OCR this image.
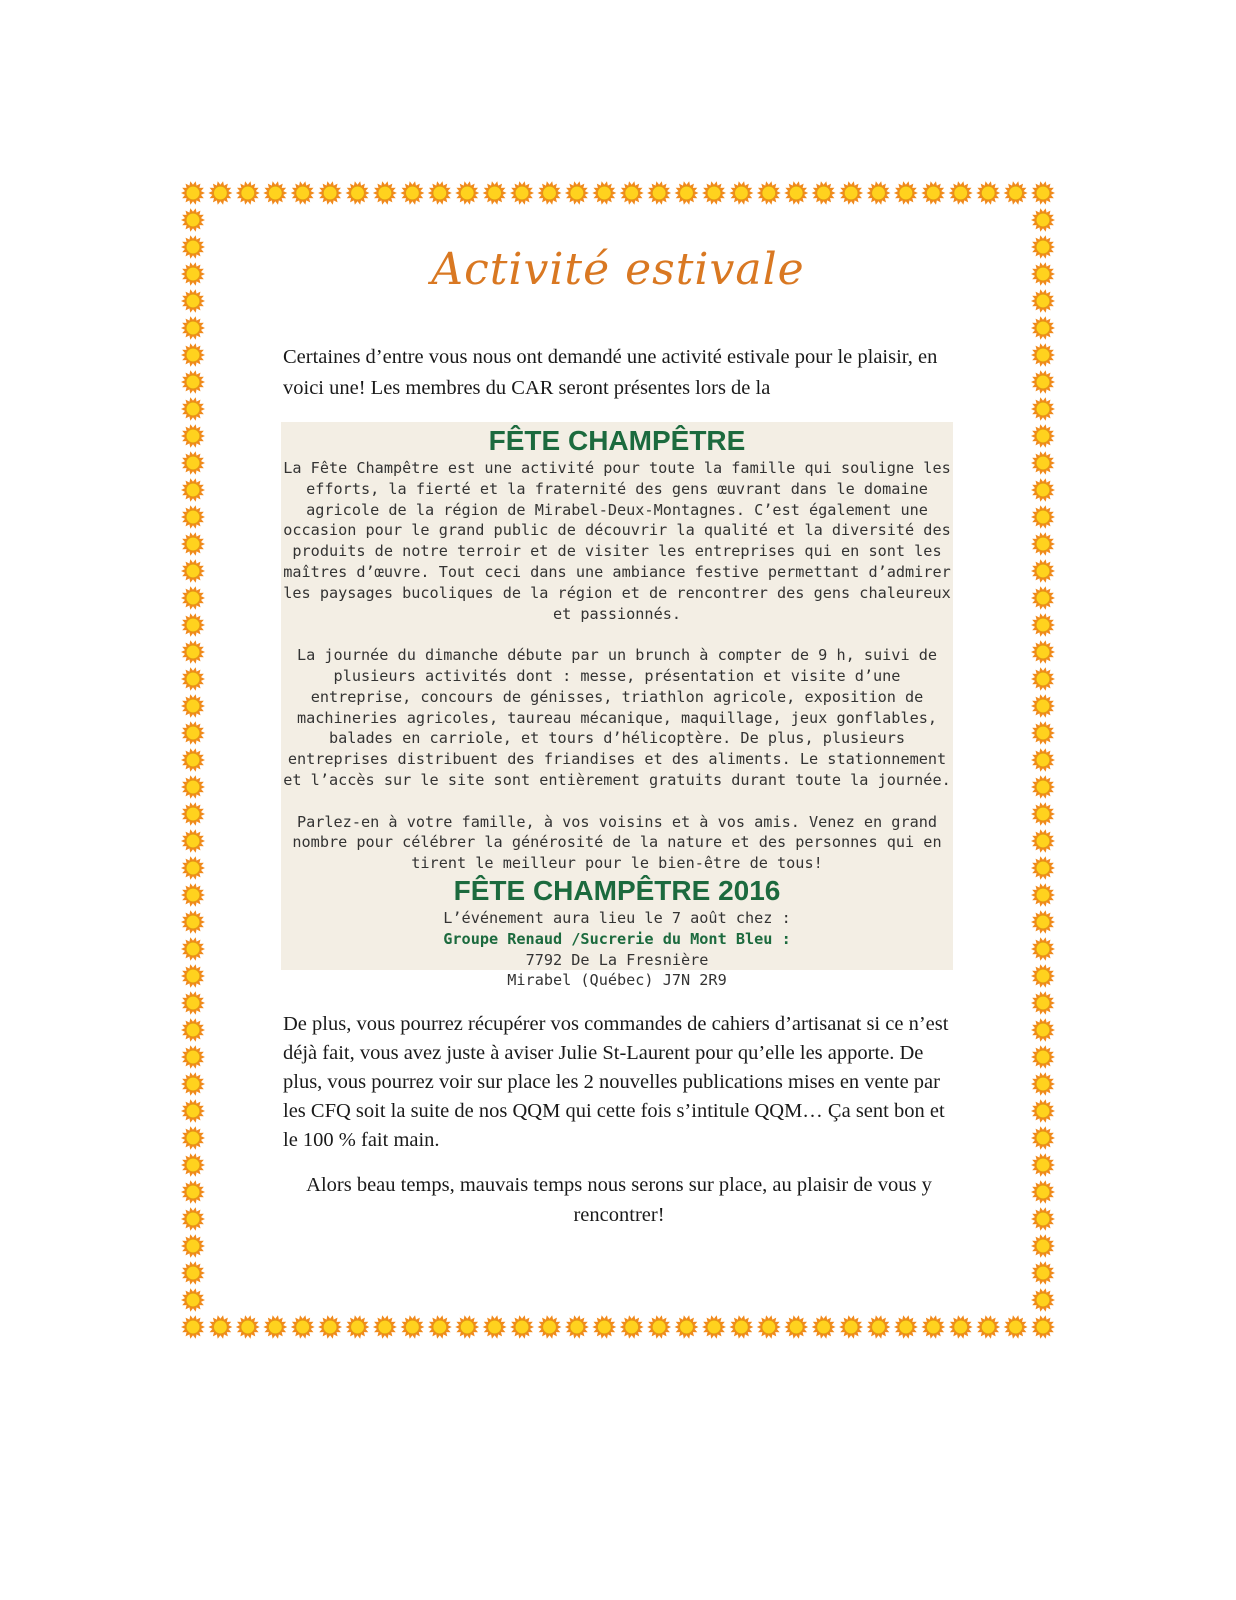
Activité estivale

Certaines d’entre vous nous ont demandé une activité estivale pour le plaisir, en voici une! Les membres du CAR seront présentes lors de la

FÊTE CHAMPÊTRE

La Fête Champêtre est une activité pour toute la famille qui souligne les efforts, la fierté et la fraternité des gens œuvrant dans le domaine agricole de la région de Mirabel-Deux-Montagnes. C’est également une occasion pour le grand public de découvrir la qualité et la diversité des produits de notre terroir et de visiter les entreprises qui en sont les maîtres d’œuvre. Tout ceci dans une ambiance festive permettant d’admirer les paysages bucoliques de la région et de rencontrer des gens chaleureux et passionnés.

La journée du dimanche débute par un brunch à compter de 9 h, suivi de plusieurs activités dont : messe, présentation et visite d’une entreprise, concours de génisses, triathlon agricole, exposition de machineries agricoles, taureau mécanique, maquillage, jeux gonflables, balades en carriole, et tours d’hélicoptère. De plus, plusieurs entreprises distribuent des friandises et des aliments. Le stationnement et l’accès sur le site sont entièrement gratuits durant toute la journée.

Parlez-en à votre famille, à vos voisins et à vos amis. Venez en grand nombre pour célébrer la générosité de la nature et des personnes qui en tirent le meilleur pour le bien-être de tous!

FÊTE CHAMPÊTRE 2016

L’événement aura lieu le 7 août chez :

Groupe Renaud /Sucrerie du Mont Bleu :

7792 De La Fresnière

Mirabel (Québec) J7N 2R9

De plus, vous pourrez récupérer vos commandes de cahiers d’artisanat si ce n’est déjà fait, vous avez juste à aviser Julie St-Laurent pour qu’elle les apporte. De plus, vous pourrez voir sur place les 2 nouvelles publications mises en vente par les CFQ soit la suite de nos QQM qui cette fois s’intitule QQM… Ça sent bon et le 100 % fait main.

Alors beau temps, mauvais temps nous serons sur place, au plaisir de vous y rencontrer!
